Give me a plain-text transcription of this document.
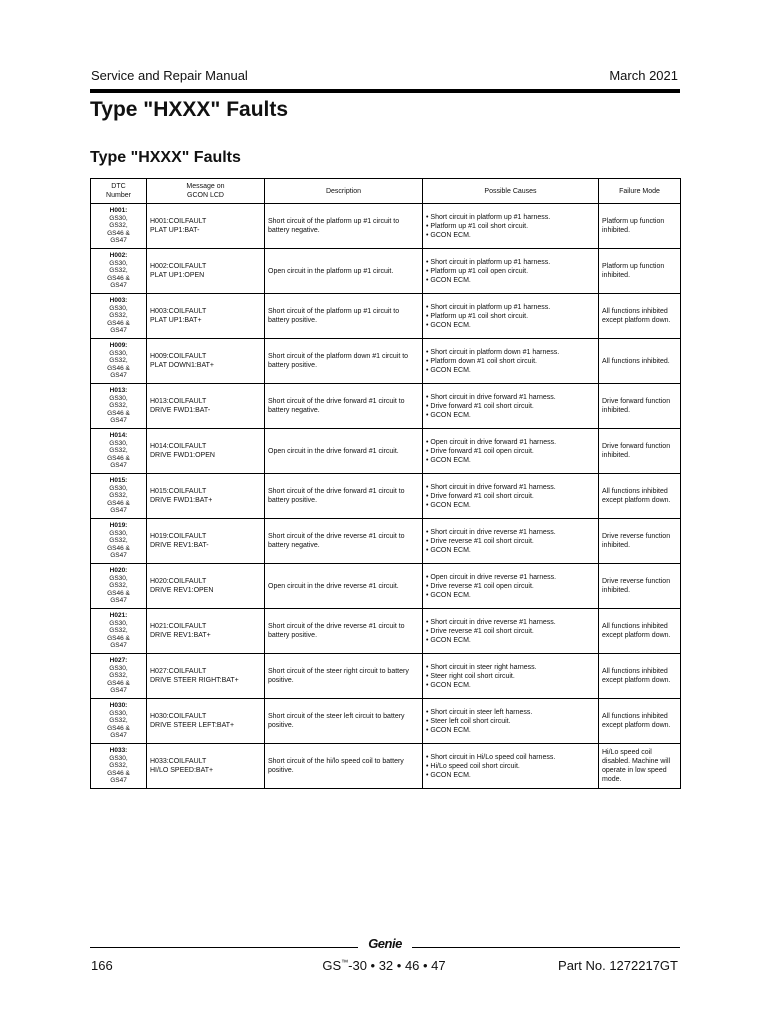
Service and Repair Manual	March 2021
Type "HXXX" Faults
Type "HXXX" Faults
DTC
Number	Message on
GCON LCD	Description	Possible Causes	Failure Mode

H001:
GS30,
GS32,
GS46 &
GS47	H001:COILFAULT
PLAT UP1:BAT-	Short circuit of the platform up #1 circuit to battery negative.	• Short circuit in platform up #1 harness.
• Platform up #1 coil short circuit.
• GCON ECM.	Platform up function inhibited.

H002:
GS30,
GS32,
GS46 &
GS47	H002:COILFAULT
PLAT UP1:OPEN	Open circuit in the platform up #1 circuit.	• Short circuit in platform up #1 harness.
• Platform up #1 coil open circuit.
• GCON ECM.	Platform up function inhibited.

H003:
GS30,
GS32,
GS46 &
GS47	H003:COILFAULT
PLAT UP1:BAT+	Short circuit of the platform up #1 circuit to battery positive.	• Short circuit in platform up #1 harness.
• Platform up #1 coil short circuit.
• GCON ECM.	All functions inhibited except platform down.

H009:
GS30,
GS32,
GS46 &
GS47	H009:COILFAULT
PLAT DOWN1:BAT+	Short circuit of the platform down #1 circuit to battery positive.	• Short circuit in platform down #1 harness.
• Platform down #1 coil short circuit.
• GCON ECM.	All functions inhibited.

H013:
GS30,
GS32,
GS46 &
GS47	H013:COILFAULT
DRIVE FWD1:BAT-	Short circuit of the drive forward #1 circuit to battery negative.	• Short circuit in drive forward #1 harness.
• Drive forward #1 coil short circuit.
• GCON ECM.	Drive forward function inhibited.

H014:
GS30,
GS32,
GS46 &
GS47	H014:COILFAULT
DRIVE FWD1:OPEN	Open circuit in the drive forward #1 circuit.	• Open circuit in drive forward #1 harness.
• Drive forward #1 coil open circuit.
• GCON ECM.	Drive forward function inhibited.

H015:
GS30,
GS32,
GS46 &
GS47	H015:COILFAULT
DRIVE FWD1:BAT+	Short circuit of the drive forward #1 circuit to battery positive.	• Short circuit in drive forward #1 harness.
• Drive forward #1 coil short circuit.
• GCON ECM.	All functions inhibited except platform down.

H019:
GS30,
GS32,
GS46 &
GS47	H019:COILFAULT
DRIVE REV1:BAT-	Short circuit of the drive reverse #1 circuit to battery negative.	• Short circuit in drive reverse #1 harness.
• Drive reverse #1 coil short circuit.
• GCON ECM.	Drive reverse function inhibited.

H020:
GS30,
GS32,
GS46 &
GS47	H020:COILFAULT
DRIVE REV1:OPEN	Open circuit in the drive reverse #1 circuit.	• Open circuit in drive reverse #1 harness.
• Drive reverse #1 coil open circuit.
• GCON ECM.	Drive reverse function inhibited.

H021:
GS30,
GS32,
GS46 &
GS47	H021:COILFAULT
DRIVE REV1:BAT+	Short circuit of the drive reverse #1 circuit to battery positive.	• Short circuit in drive reverse #1 harness.
• Drive reverse #1 coil short circuit.
• GCON ECM.	All functions inhibited except platform down.

H027:
GS30,
GS32,
GS46 &
GS47	H027:COILFAULT
DRIVE STEER RIGHT:BAT+	Short circuit of the steer right circuit to battery positive.	• Short circuit in steer right harness.
• Steer right coil short circuit.
• GCON ECM.	All functions inhibited except platform down.

H030:
GS30,
GS32,
GS46 &
GS47	H030:COILFAULT
DRIVE STEER LEFT:BAT+	Short circuit of the steer left circuit to battery positive.	• Short circuit in steer left harness.
• Steer left coil short circuit.
• GCON ECM.	All functions inhibited except platform down.

H033:
GS30,
GS32,
GS46 &
GS47	H033:COILFAULT
HI/LO SPEED:BAT+	Short circuit of the hi/lo speed coil to battery positive.	• Short circuit in Hi/Lo speed coil harness.
• Hi/Lo speed coil short circuit.
• GCON ECM.	Hi/Lo speed coil disabled. Machine will operate in low speed mode.
Genie
166	GS™-30 • 32 • 46 • 47	Part No. 1272217GT
